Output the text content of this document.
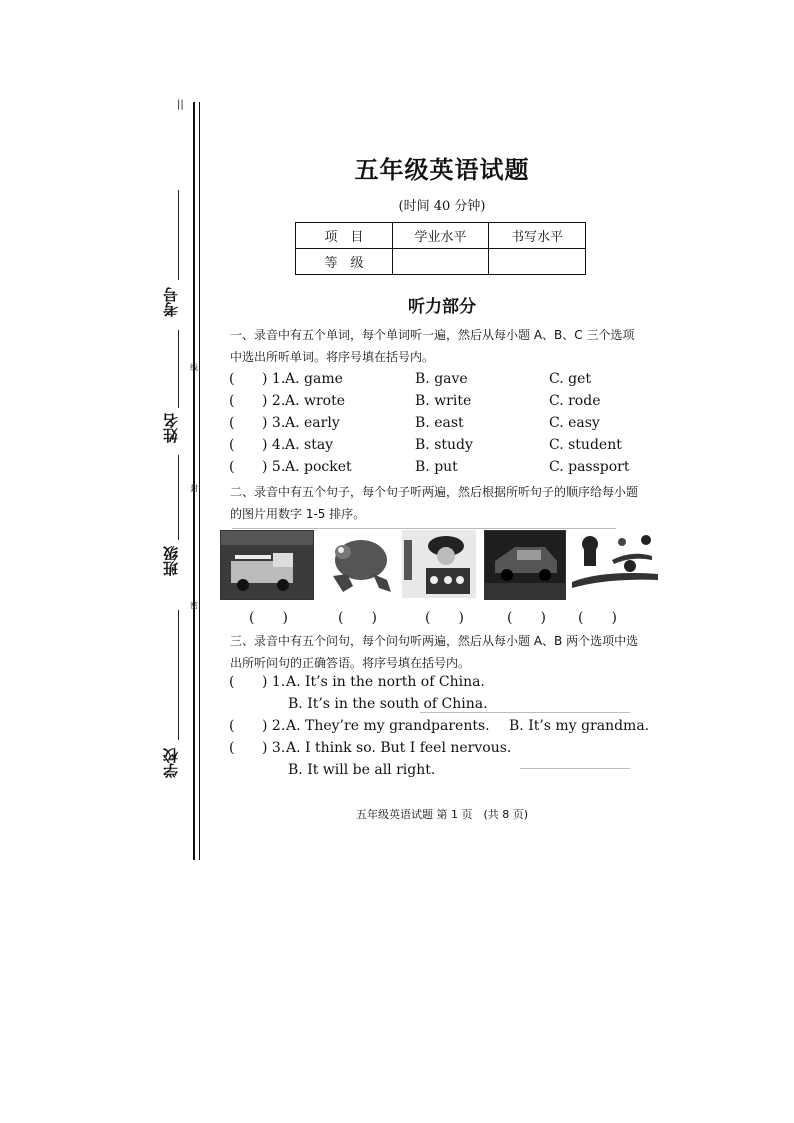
||
考号
姓名
班级
学校
线
封
密
五年级英语试题
(时间 40 分钟)
项　目	学业水平	书写水平
等　级		
听力部分
一、录音中有五个单词，每个单词听一遍，然后从每小题 A、B、C 三个选项中选出所听单词。将序号填在括号内。
( ) 1. A. game	B. gave	C. get
( ) 2. A. wrote	B. write	C. rode
( ) 3. A. early	B. east	C. easy
( ) 4. A. stay	B. study	C. student
( ) 5. A. pocket	B. put	C. passport
二、录音中有五个句子，每个句子听两遍，然后根据所听句子的顺序给每小题的图片用数字 1-5 排序。
(　　)	(　　)	(　　)	(　　) (　　)
三、录音中有五个问句，每个问句听两遍，然后从每小题 A、B 两个选项中选出所听问句的正确答语。将序号填在括号内。
( ) 1. A. It’s in the north of China.
B. It’s in the south of China.
( ) 2. A. They’re my grandparents. B. It’s my grandma.
( ) 3. A. I think so. But I feel nervous.
B. It will be all right.
五年级英语试题 第 1 页　(共 8 页)
